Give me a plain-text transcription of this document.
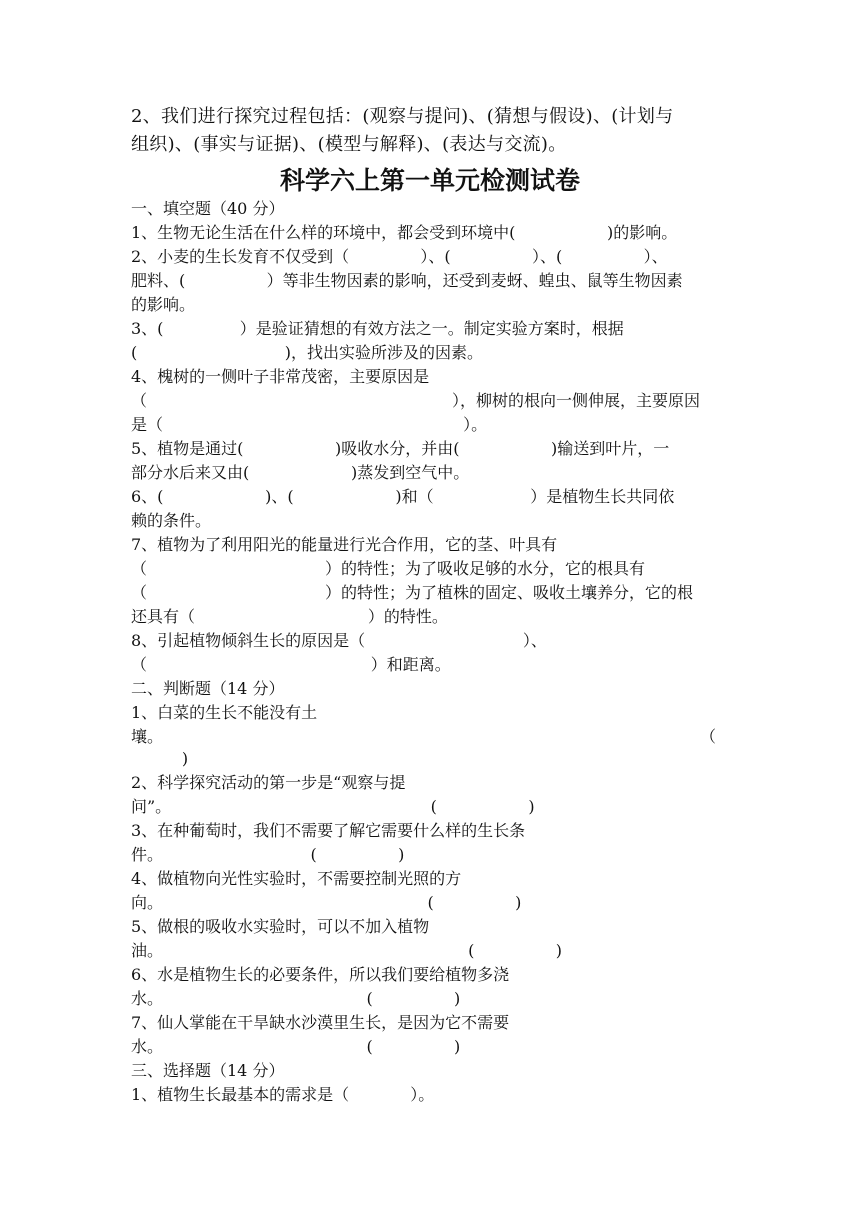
2、我们进行探究过程包括：(观察与提问)、(猜想与假设)、(计划与
组织)、(事实与证据)、(模型与解释)、(表达与交流)。
科学六上第一单元检测试卷
一、填空题（40 分）
1、生物无论生活在什么样的环境中，都会受到环境中(                  )的影响。
2、小麦的生长发育不仅受到（              ）、(                ）、(                ）、
肥料、(                ）等非生物因素的影响，还受到麦蚜、蝗虫、鼠等生物因素
的影响。
3、(               ）是验证猜想的有效方法之一。制定实验方案时，根据
(                             )，找出实验所涉及的因素。
4、槐树的一侧叶子非常茂密，主要原因是
（	），柳树的根向一侧伸展，主要原因
是（                                                           ）。
5、植物是通过(                  )吸收水分，并由(                  )输送到叶片，一
部分水后来又由(                    )蒸发到空气中。
6、(                    )、(                    )和（                   ）是植物生长共同依
赖的条件。
7、植物为了利用阳光的能量进行光合作用，它的茎、叶具有
（                                   ）的特性；为了吸收足够的水分，它的根具有
（                                   ）的特性；为了植株的固定、吸收土壤养分，它的根
还具有（                                  ）的特性。
8、引起植物倾斜生长的原因是（                               ）、
（                                            ）和距离。
二、判断题（14 分）
1、白菜的生长不能没有土
壤。	（
)
2、科学探究活动的第一步是“观察与提
问”。                                                   (                  )
3、在种葡萄时，我们不需要了解它需要什么样的生长条
件。                             (                )
4、做植物向光性实验时，不需要控制光照的方
向。                                                    (                )
5、做根的吸收水实验时，可以不加入植物
油。                                                            (                )
6、水是植物生长的必要条件，所以我们要给植物多浇
水。                                        (                )
7、仙人掌能在干旱缺水沙漠里生长，是因为它不需要
水。                                        (                )
三、选择题（14 分）
1、植物生长最基本的需求是（            ）。
